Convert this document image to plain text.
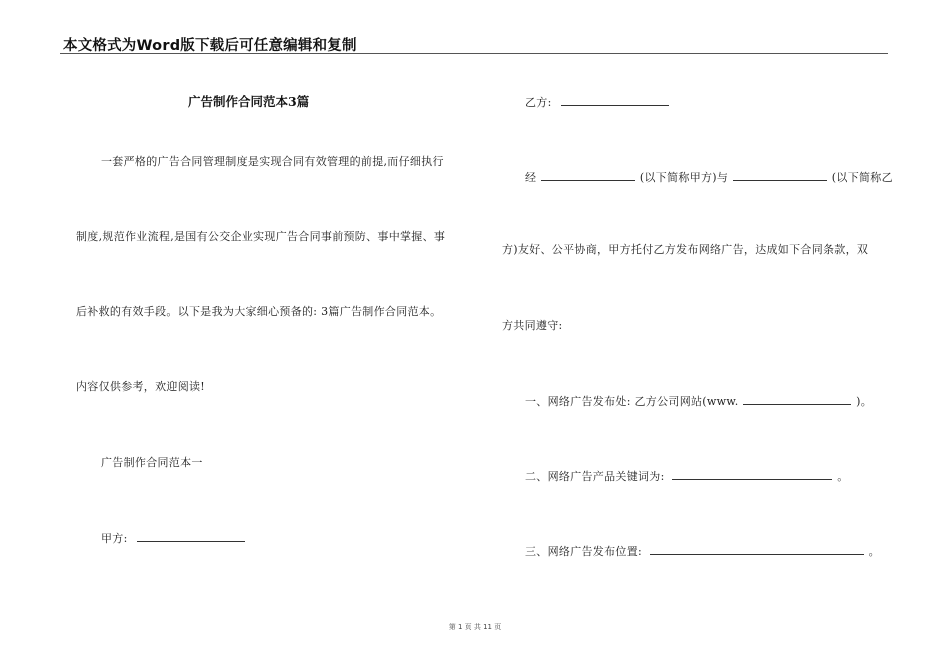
本文格式为Word版下载后可任意编辑和复制
广告制作合同范本3篇
一套严格的广告合同管理制度是实现合同有效管理的前提,而仔细执行
制度,规范作业流程,是国有公交企业实现广告合同事前预防、事中掌握、事
后补救的有效手段。以下是我为大家细心预备的: 3篇广告制作合同范本。
内容仅供参考，欢迎阅读!
广告制作合同范本一
甲方:
乙方:
经	(以下简称甲方)与	(以下简称乙
方)友好、公平协商，甲方托付乙方发布网络广告，达成如下合同条款，双
方共同遵守:
一、网络广告发布处: 乙方公司网站(www.	)。
二、网络广告产品关键词为:	。
三、网络广告发布位置:	。
第 1 页 共 11 页
